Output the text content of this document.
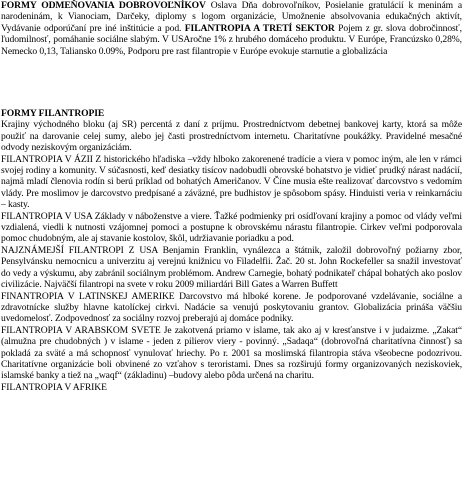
FORMY ODMEŇOVANIA DOBROVOĽNÍKOV Oslava Dňa dobrovoľníkov, Posielanie gratulácií k meninám a narodeninám, k Vianociam, Darčeky, diplomy s logom organizácie, Umožnenie absolvovania edukačných aktivít, Vydávanie odporúčaní pre iné inštitúcie a pod. FILANTROPIA A TRETÍ SEKTOR Pojem z gr. slova dobročinnosť, ľudomilnosť, pomáhanie sociálne slabým. V USAročne 1% z hrubého domáceho produktu. V Európe, Francúzsko 0,28%, Nemecko 0,13, Taliansko 0.09%, Podporu pre rast filantropie v Európe evokuje starnutie a globalizácia
FORMY FILANTROPIE
Krajiny východného bloku (aj SR) percentá z daní z príjmu. Prostredníctvom debetnej bankovej karty, ktorá sa môže použiť na darovanie celej sumy, alebo jej časti prostredníctvom internetu. Charitatívne poukážky. Pravidelné mesačné odvody neziskovým organizáciám.
FILANTROPIA V ÁZII Z historického hľadiska –vždy hlboko zakorenené tradície a viera v pomoc iným, ale len v rámci svojej rodiny a komunity. V súčasnosti, keď desiatky tisícov nadobudli obrovské bohatstvo je vidieť prudký nárast nadácií, najmä mladí členovia rodín si berú príklad od bohatých Američanov. V Číne musia ešte realizovať darcovstvo s vedomím vlády. Pre moslimov je darcovstvo predpísané a záväzné, pre budhistov je spôsobom spásy. Hinduisti veria v reinkarnáciu – kasty.
FILANTROPIA V USA Základy v náboženstve a viere. Ťažké podmienky pri osídľovaní krajiny a pomoc od vlády veľmi vzdialená, viedli k nutnosti vzájomnej pomoci a postupne k obrovskému nárastu filantropie. Cirkev veľmi podporovala pomoc chudobným, ale aj stavanie kostolov, škôl, udržiavanie poriadku a pod.
NAJZNÁMEJŠÍ FILANTROPI Z USA Benjamin Franklin, vynálezca a štátnik, založil dobrovoľný požiarny zbor, Pensylvánsku nemocnicu a univerzitu aj verejnú knižnicu vo Filadelfii. Žač. 20 st. John Rockefeller sa snažil investovať do vedy a výskumu, aby zabránil sociálnym problémom. Andrew Carnegie, bohatý podnikateľ chápal bohatých ako poslov civilizácie. Najväčší filantropi na svete v roku 2009 miliardári Bill Gates a Warren Buffett
FINANTROPIA V LATINSKEJ AMERIKE Darcovstvo má hlboké korene. Je podporované vzdelávanie, sociálne a zdravotnícke služby hlavne katolíckej cirkvi. Nadácie sa venujú poskytovaniu grantov. Globalizácia prináša väčšiu uvedomelosť. Zodpovednosť za sociálny rozvoj preberajú aj domáce podniky.
FILANTROPIA V ARABSKOM SVETE Je zakotvená priamo v islame, tak ako aj v kresťanstve i v judaizme. „Zakat“ (almužna pre chudobných ) v islame - jeden z pilierov viery - povinný. „Sadaqa“ (dobrovoľná charitatívna činnosť) sa pokladá za sväté a má schopnosť vynulovať hriechy. Po r. 2001 sa moslimská filantropia stáva všeobecne podozrivou. Charitatívne organizácie boli obvinené zo vzťahov s teroristami. Dnes sa rozširujú formy organizovaných neziskoviek, islamské banky a tiež na „waqf“ (základinu) –budovy alebo pôda určená na charitu.
FILANTROPIA V AFRIKE
